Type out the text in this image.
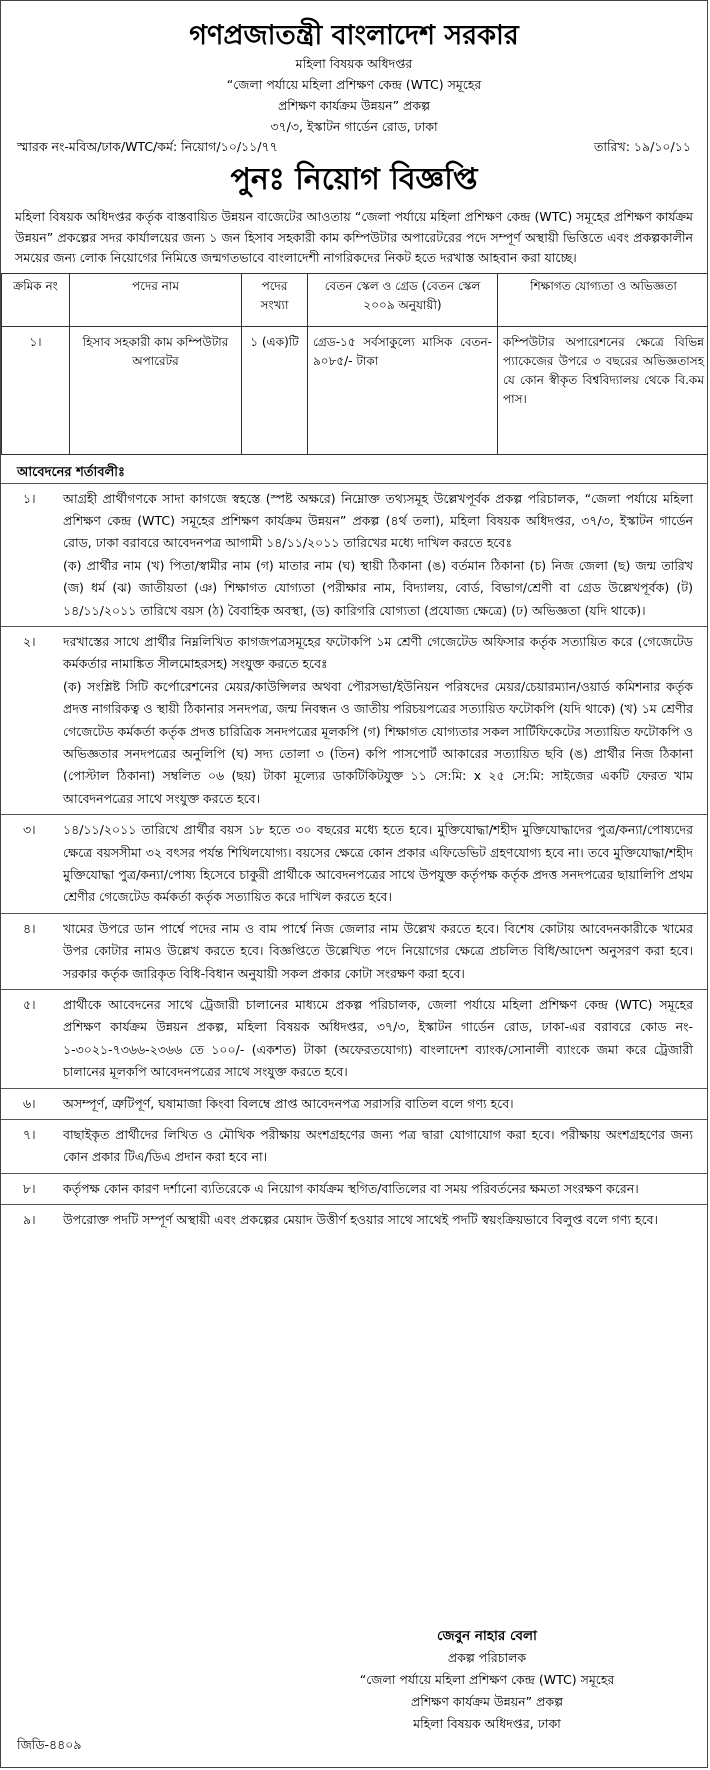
গণপ্রজাতন্ত্রী বাংলাদেশ সরকার
মহিলা বিষয়ক অধিদপ্তর
“জেলা পর্যায়ে মহিলা প্রশিক্ষণ কেন্দ্র (WTC) সমূহের
প্রশিক্ষণ কার্যক্রম উন্নয়ন” প্রকল্প
৩৭/৩, ইস্কাটন গার্ডেন রোড, ঢাকা
স্মারক নং-মবিঅ/ঢাক/WTC/কর্ম: নিয়োগ/১০/১১/৭৭	তারিখ: ১৯/১০/১১
পুনঃ নিয়োগ বিজ্ঞপ্তি
মহিলা বিষয়ক অধিদপ্তর কর্তৃক বাস্তবায়িত উন্নয়ন বাজেটের আওতায় “জেলা পর্যায়ে মহিলা প্রশিক্ষণ কেন্দ্র (WTC) সমূহের প্রশিক্ষণ কার্যক্রম উন্নয়ন” প্রকল্পের সদর কার্যালয়ের জন্য ১ জন হিসাব সহকারী কাম কম্পিউটার অপারেটরের পদে সম্পূর্ণ অস্থায়ী ভিত্তিতে এবং প্রকল্পকালীন সময়ের জন্য লোক নিয়োগের নিমিত্তে জন্মগতভাবে বাংলাদেশী নাগরিকদের নিকট হতে দরখাস্ত আহবান করা যাচ্ছে।
ক্রমিক নং	পদের নাম	পদের সংখ্যা	বেতন স্কেল ও গ্রেড (বেতন স্কেল ২০০৯ অনুযায়ী)	শিক্ষাগত যোগ্যতা ও অভিজ্ঞতা
১।	হিসাব সহকারী কাম কম্পিউটার অপারেটর	১ (এক)টি	গ্রেড-১৫ সর্বসাকুল্যে মাসিক বেতন- ৯০৮৫/- টাকা	কম্পিউটার অপারেশনের ক্ষেত্রে বিভিন্ন প্যাকেজের উপরে ৩ বছরের অভিজ্ঞতাসহ যে কোন স্বীকৃত বিশ্ববিদ্যালয় থেকে বি.কম পাস।
আবেদনের শর্তাবলীঃ
১।	আগ্রহী প্রার্থীগণকে সাদা কাগজে স্বহস্তে (স্পষ্ট অক্ষরে) নিম্নোক্ত তথ্যসমূহ উল্লেখপূর্বক প্রকল্প পরিচালক, “জেলা পর্যায়ে মহিলা প্রশিক্ষণ কেন্দ্র (WTC) সমূহের প্রশিক্ষণ কার্যক্রম উন্নয়ন” প্রকল্প (৪র্থ তলা), মহিলা বিষয়ক অধিদপ্তর, ৩৭/৩, ইস্কাটন গার্ডেন রোড, ঢাকা বরাবরে আবেদনপত্র আগামী ১৪/১১/২০১১ তারিখের মধ্যে দাখিল করতে হবেঃ
(ক) প্রার্থীর নাম (খ) পিতা/স্বামীর নাম (গ) মাতার নাম (ঘ) স্থায়ী ঠিকানা (ঙ) বর্তমান ঠিকানা (চ) নিজ জেলা (ছ) জন্ম তারিখ (জ) ধর্ম (ঝ) জাতীয়তা (ঞ) শিক্ষাগত যোগ্যতা (পরীক্ষার নাম, বিদ্যালয়, বোর্ড, বিভাগ/শ্রেণী বা গ্রেড উল্লেখপূর্বক) (ট) ১৪/১১/২০১১ তারিখে বয়স (ঠ) বৈবাহিক অবস্থা, (ড) কারিগরি যোগ্যতা (প্রযোজ্য ক্ষেত্রে) (ঢ) অভিজ্ঞতা (যদি থাকে)।
২।	দরখাস্তের সাথে প্রার্থীর নিম্নলিখিত কাগজপত্রসমূহের ফটোকপি ১ম শ্রেণী গেজেটেড অফিসার কর্তৃক সত্যায়িত করে (গেজেটেড কর্মকর্তার নামাঙ্কিত সীলমোহরসহ) সংযুক্ত করতে হবেঃ
(ক) সংশ্লিষ্ট সিটি কর্পোরেশনের মেয়র/কাউন্সিলর অথবা পৌরসভা/ইউনিয়ন পরিষদের মেয়র/চেয়ারম্যান/ওয়ার্ড কমিশনার কর্তৃক প্রদত্ত নাগরিকত্ব ও স্থায়ী ঠিকানার সনদপত্র, জন্ম নিবন্ধন ও জাতীয় পরিচয়পত্রের সত্যায়িত ফটোকপি (যদি থাকে) (খ) ১ম শ্রেণীর গেজেটেড কর্মকর্তা কর্তৃক প্রদত্ত চারিত্রিক সনদপত্রের মূলকপি (গ) শিক্ষাগত যোগ্যতার সকল সার্টিফিকেটের সত্যায়িত ফটোকপি ও অভিজ্ঞতার সনদপত্রের অনুলিপি (ঘ) সদ্য তোলা ৩ (তিন) কপি পাসপোর্ট আকারের সত্যায়িত ছবি (ঙ) প্রার্থীর নিজ ঠিকানা (পোস্টাল ঠিকানা) সম্বলিত ০৬ (ছয়) টাকা মূল্যের ডাকটিকিটযুক্ত ১১ সে:মি: x ২৫ সে:মি: সাইজের একটি ফেরত খাম আবেদনপত্রের সাথে সংযুক্ত করতে হবে।
৩।	১৪/১১/২০১১ তারিখে প্রার্থীর বয়স ১৮ হতে ৩০ বছরের মধ্যে হতে হবে। মুক্তিযোদ্ধা/শহীদ মুক্তিযোদ্ধাদের পুত্র/কন্যা/পোষ্যদের ক্ষেত্রে বয়সসীমা ৩২ বৎসর পর্যন্ত শিথিলযোগ্য। বয়সের ক্ষেত্রে কোন প্রকার এফিডেভিট গ্রহণযোগ্য হবে না। তবে মুক্তিযোদ্ধা/শহীদ মুক্তিযোদ্ধা পুত্র/কন্যা/পোষ্য হিসেবে চাকুরী প্রার্থীকে আবেদনপত্রের সাথে উপযুক্ত কর্তৃপক্ষ কর্তৃক প্রদত্ত সনদপত্রের ছায়ালিপি প্রথম শ্রেণীর গেজেটেড কর্মকর্তা কর্তৃক সত্যায়িত করে দাখিল করতে হবে।
৪।	খামের উপরে ডান পার্শ্বে পদের নাম ও বাম পার্শ্বে নিজ জেলার নাম উল্লেখ করতে হবে। বিশেষ কোটায় আবেদনকারীকে খামের উপর কোটার নামও উল্লেখ করতে হবে। বিজ্ঞপ্তিতে উল্লেখিত পদে নিয়োগের ক্ষেত্রে প্রচলিত বিধি/আদেশ অনুসরণ করা হবে। সরকার কর্তৃক জারিকৃত বিধি-বিধান অনুযায়ী সকল প্রকার কোটা সংরক্ষণ করা হবে।
৫।	প্রার্থীকে আবেদনের সাথে ট্রেজারী চালানের মাধ্যমে প্রকল্প পরিচালক, জেলা পর্যায়ে মহিলা প্রশিক্ষণ কেন্দ্র (WTC) সমূহের প্রশিক্ষণ কার্যক্রম উন্নয়ন প্রকল্প, মহিলা বিষয়ক অধিদপ্তর, ৩৭/৩, ইস্কাটন গার্ডেন রোড, ঢাকা-এর বরাবরে কোড নং- ১-৩০২১-৭৩৬৬-২৩৬৬ তে ১০০/- (একশত) টাকা (অফেরতযোগ্য) বাংলাদেশ ব্যাংক/সোনালী ব্যাংকে জমা করে ট্রেজারী চালানের মূলকপি আবেদনপত্রের সাথে সংযুক্ত করতে হবে।
৬।	অসম্পূর্ণ, ত্রুটিপূর্ণ, ঘষামাজা কিংবা বিলম্বে প্রাপ্ত আবেদনপত্র সরাসরি বাতিল বলে গণ্য হবে।
৭।	বাছাইকৃত প্রার্থীদের লিখিত ও মৌখিক পরীক্ষায় অংশগ্রহণের জন্য পত্র দ্বারা যোগাযোগ করা হবে। পরীক্ষায় অংশগ্রহণের জন্য কোন প্রকার টিএ/ডিএ প্রদান করা হবে না।
৮।	কর্তৃপক্ষ কোন কারণ দর্শানো ব্যতিরেকে এ নিয়োগ কার্যক্রম স্থগিত/বাতিলের বা সময় পরিবর্তনের ক্ষমতা সংরক্ষণ করেন।
৯।	উপরোক্ত পদটি সম্পূর্ণ অস্থায়ী এবং প্রকল্পের মেয়াদ উত্তীর্ণ হওয়ার সাথে সাথেই পদটি স্বয়ংক্রিয়ভাবে বিলুপ্ত বলে গণ্য হবে।
জেবুন নাহার বেলা
প্রকল্প পরিচালক
“জেলা পর্যায়ে মহিলা প্রশিক্ষণ কেন্দ্র (WTC) সমূহের
প্রশিক্ষণ কার্যক্রম উন্নয়ন” প্রকল্প
মহিলা বিষয়ক অধিদপ্তর, ঢাকা
জিডি-৪৪০৯
